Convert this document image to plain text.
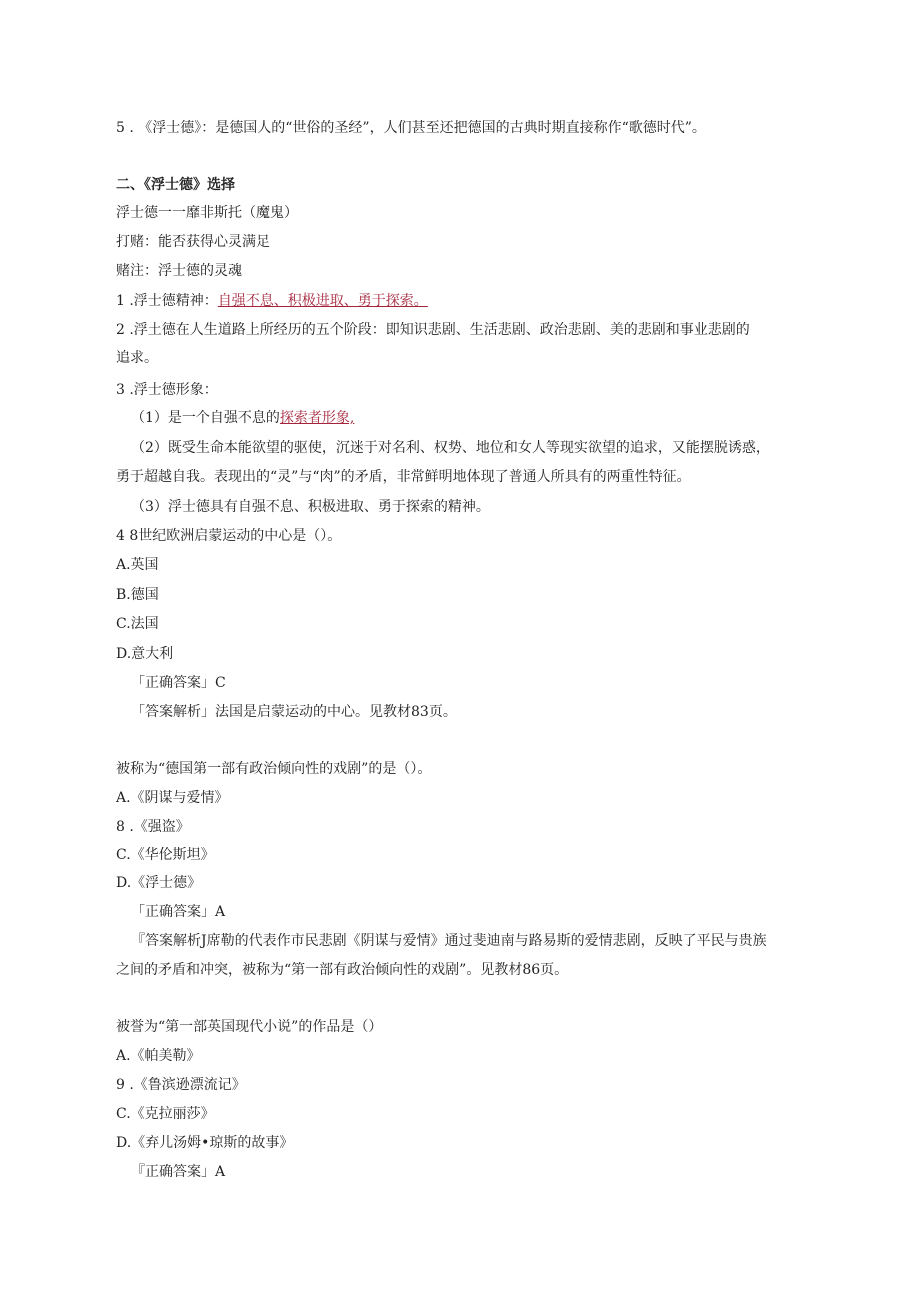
5 . 《浮士德》：是德国人的“世俗的圣经”，人们甚至还把德国的古典时期直接称作“歌德时代”。
二、《浮士德》选择
浮士德一一靡非斯托（魔鬼）
打赌：能否获得心灵满足
赌注：浮士德的灵魂
1 .浮士德精神：自强不息、积极进取、勇于探索。
2 .浮土德在人生道路上所经历的五个阶段：即知识悲剧、生活悲剧、政治悲剧、美的悲剧和事业悲剧的
追求。
3 .浮士德形象：
（1）是一个自强不息的探索者形象,
（2）既受生命本能欲望的驱使，沉迷于对名利、权势、地位和女人等现实欲望的追求，又能摆脱诱惑，
勇于超越自我。表现出的“灵”与“肉”的矛盾，非常鲜明地体现了普通人所具有的两重性特征。
（3）浮士德具有自强不息、积极进取、勇于探索的精神。
4 8世纪欧洲启蒙运动的中心是（）。
A.英国
B.德国
C.法国
D.意大利
「正确答案」C
「答案解析」法国是启蒙运动的中心。见教材83页。
被称为“德国第一部有政治倾向性的戏剧”的是（）。
A.《阴谋与爱情》
8 .《强盗》
C.《华伦斯坦》
D.《浮士德》
「正确答案」A
『答案解析J席勒的代表作市民悲剧《阴谋与爱情》通过斐迪南与路易斯的爱情悲剧，反映了平民与贵族
之间的矛盾和冲突，被称为“第一部有政治倾向性的戏剧”。见教材86页。
被誉为“第一部英国现代小说”的作品是（）
A.《帕美勒》
9 .《鲁滨逊漂流记》
C.《克拉丽莎》
D.《弃儿汤姆•琼斯的故事》
『正确答案」A
